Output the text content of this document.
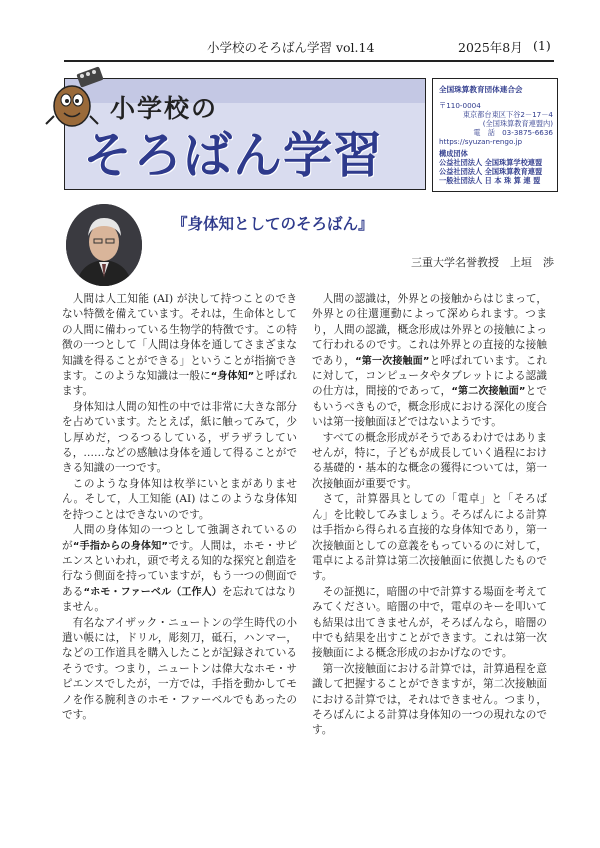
小学校のそろばん学習 vol.14	2025年8月 (1)
小学校の
そろばん学習
全国珠算教育団体連合会
〒110-0004
東京都台東区下谷2－17－4
(全国珠算教育連盟内)
電　話　03-3875-6636
https://syuzan-rengo.jp
構成団体
公益社団法人 全国珠算学校連盟
公益社団法人 全国珠算教育連盟
一般社団法人 日 本 珠 算 連 盟
『身体知としてのそろばん』
三重大学名誉教授　上垣　渉

人間は人工知能 (AI) が決して持つことのできない特徴を備えています。それは，生命体としての人間に備わっている生物学的特徴です。この特徴の一つとして「人間は身体を通してさまざまな知識を得ることができる」ということが指摘できます。このような知識は一般に“身体知”と呼ばれます。

身体知は人間の知性の中では非常に大きな部分を占めています。たとえば，紙に触ってみて，少し厚めだ，つるつるしている，ザラザラしている，……などの感触は身体を通して得ることができる知識の一つです。

このような身体知は枚挙にいとまがありません。そして，人工知能 (AI) はこのような身体知を持つことはできないのです。

人間の身体知の一つとして強調されているのが“手指からの身体知”です。人間は，ホモ・サピエンスといわれ，頭で考える知的な探究と創造を行なう側面を持っていますが，もう一つの側面である“ホモ・ファーベル（工作人）を忘れてはなりません。

有名なアイザック・ニュートンの学生時代の小遣い帳には，ドリル，彫刻刀，砥石，ハンマー，などの工作道具を購入したことが記録されているそうです。つまり，ニュートンは偉大なホモ・サピエンスでしたが，一方では，手指を動かしてモノを作る腕利きのホモ・ファーベルでもあったのです。

人間の認識は，外界との接触からはじまって，外界との往還運動によって深められます。つまり，人間の認識，概念形成は外界との接触によって行われるのです。これは外界との直接的な接触であり，“第一次接触面”と呼ばれています。これに対して，コンピュータやタブレットによる認識の仕方は，間接的であって，“第二次接触面”とでもいうべきもので，概念形成における深化の度合いは第一接触面ほどではないようです。

すべての概念形成がそうであるわけではありませんが，特に，子どもが成長していく過程における基礎的・基本的な概念の獲得については，第一次接触面が重要です。

さて，計算器具としての「電卓」と「そろばん」を比較してみましょう。そろばんによる計算は手指から得られる直接的な身体知であり，第一次接触面としての意義をもっているのに対して，電卓による計算は第二次接触面に依拠したものです。

その証拠に，暗闇の中で計算する場面を考えてみてください。暗闇の中で，電卓のキーを叩いても結果は出てきませんが，そろばんなら，暗闇の中でも結果を出すことができます。これは第一次接触面による概念形成のおかげなのです。

第一次接触面における計算では，計算過程を意識して把握することができますが，第二次接触面における計算では，それはできません。つまり，そろばんによる計算は身体知の一つの現れなのです。
